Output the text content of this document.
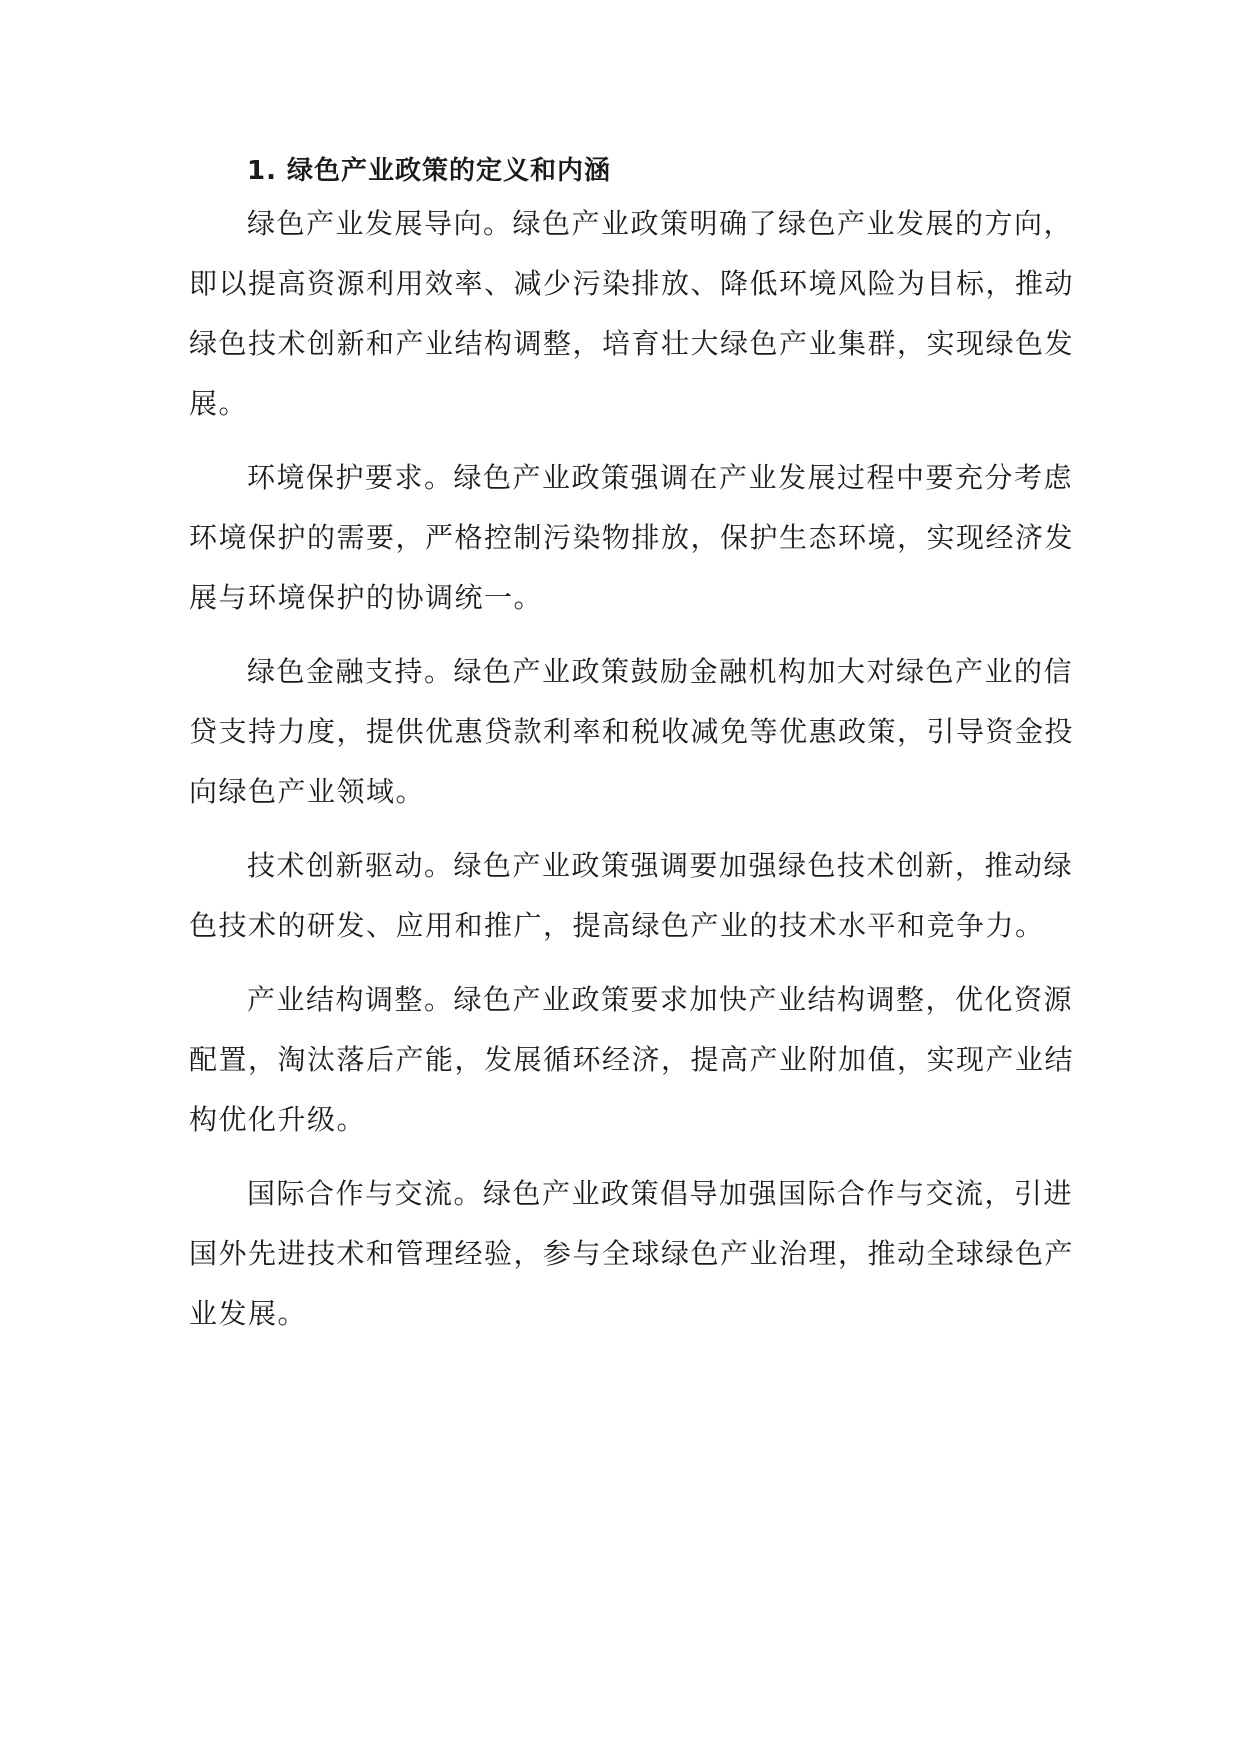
1. 绿色产业政策的定义和内涵
绿色产业发展导向。绿色产业政策明确了绿色产业发展的方向，
即以提高资源利用效率、减少污染排放、降低环境风险为目标，推动
绿色技术创新和产业结构调整，培育壮大绿色产业集群，实现绿色发
展。
环境保护要求。绿色产业政策强调在产业发展过程中要充分考虑
环境保护的需要，严格控制污染物排放，保护生态环境，实现经济发
展与环境保护的协调统一。
绿色金融支持。绿色产业政策鼓励金融机构加大对绿色产业的信
贷支持力度，提供优惠贷款利率和税收减免等优惠政策，引导资金投
向绿色产业领域。
技术创新驱动。绿色产业政策强调要加强绿色技术创新，推动绿
色技术的研发、应用和推广，提高绿色产业的技术水平和竞争力。
产业结构调整。绿色产业政策要求加快产业结构调整，优化资源
配置，淘汰落后产能，发展循环经济，提高产业附加值，实现产业结
构优化升级。
国际合作与交流。绿色产业政策倡导加强国际合作与交流，引进
国外先进技术和管理经验，参与全球绿色产业治理，推动全球绿色产
业发展。
